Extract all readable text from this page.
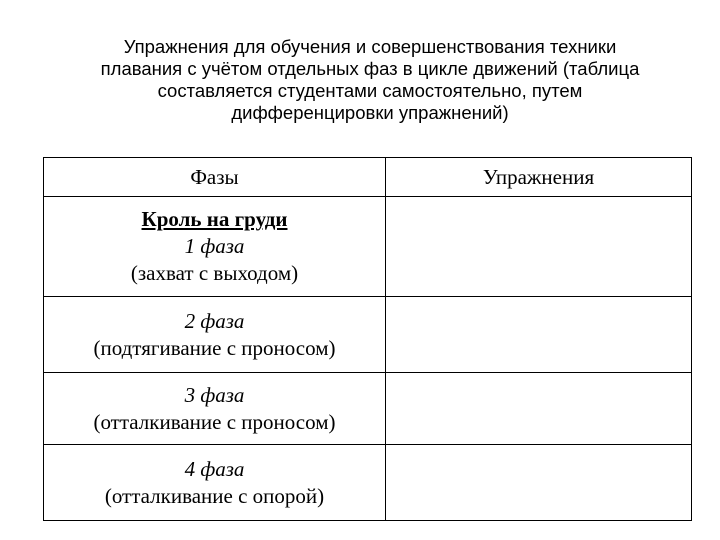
Упражнения для обучения и совершенствования техники
плавания с учётом отдельных фаз в цикле движений (таблица
составляется студентами самостоятельно, путем
дифференцировки упражнений)
Фазы	Упражнения

Кроль на груди
1 фаза
(захват с выходом)	

2 фаза
(подтягивание с проносом)	

3 фаза
(отталкивание с проносом)	

4 фаза
(отталкивание с опорой)	
